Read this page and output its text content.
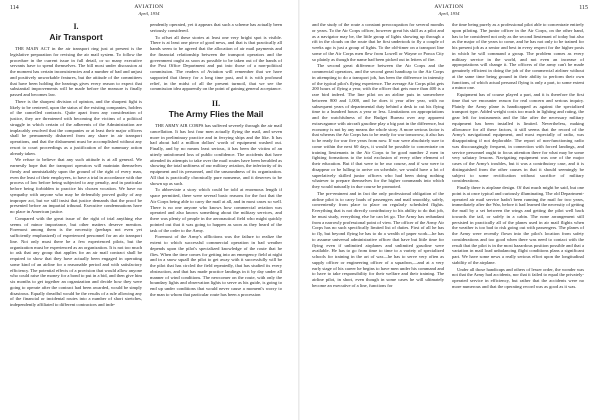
114	AVIATION
April, 1934
I.
Air Transport

THE MAIN ACT in the air transport ring just at present is the legislative preparation for revising the air mail system. To follow the procedure in the current issue in full detail, or so many executive servants have to spend themselves. The bill most under discussion at the moment has certain inconsistencies and a number of bad and unjust and positively unworkable features, but the attitude of the committees that have been holding the hearings gives every reason to expect that substantial improvements will be made before the measure is finally passed and becomes law.

There is the sharpest division of opinion, and the sharpest fight is likely to be centered, upon the status of the existing companies, holders of the cancelled contracts. Quite apart from any consideration of justice, they are threatened with becoming the victims of a political struggle in which certain of the adherents of the Administration are implacably resolved that the companies or at least their major officers shall be permanently disbarred from any share in air transport operations, and that the disbarment must be accomplished without any resort to court proceedings as a justification of the summary action already taken.

We refuse to believe that any such attitude is at all general. We earnestly hope that the transport operators will maintain themselves firmly and unmistakably upon the ground of the right of every man, even the least of their employees, to have a trial in accordance with due process of law before being subjected to any penalty, and in particular before being forbidden to practice his chosen vocation. We have no sympathy with anyone who may be defensibly proved guilty of any improper act, but we still insist that justice demands that the proof be presented before an impartial tribunal. Executive condemnations have no place in American justice.

Compared with the great issue of the right of trial anything else seems of minor importance, but other matters deserve mention. Foremost among them is the necessity (perhaps not even yet sufficiently emphasized) of experienced personnel for an air transport line. Not only must there be a few experienced pilots, but the organization must be experienced as an organization. It is not too much to ask that any group that applies for an air mail contract shall be required to show that they have actually been engaged in operating some kind of an airline for a reasonable period and with satisfactory efficiency. The potential effects of a provision that would allow anyone who could raise the money for a bond to put in a bid, and then give him six months to get together an organization and decide how they were going to operate after the contract had been awarded, would be simply disastrous. Equally dreadful would be the results of a rule allowing any of the financial or incidental routes into a number of short stretches, independently affiliated to different contractors and inde-

pendently operated, yet it appears that such a scheme has actually been seriously considered.

To offset all these stories at least one very bright spot is visible. There is at least one piece of good news, and that is that practically all hands seem to be agreed that the allocation of air mail payments and the financial relationship between the transport operators and the government ought as soon as possible to be taken out of the hands of the Post Office Department and put into those of a non-political commission. The readers of Aviation will remember that we have supported that theory for a long time past, and it is with profound relief, in the midst of all the present turmoil, that we see the commission idea apparently on the point of gaining general acceptance.

II.
The Army Flies the Mail

THE ARMY AIR CORPS has suffered severely through the air mail cancellation. It has lost four men actually flying the mail, and seven more in preliminary practice and in ferrying ships and the like. It has had about half a million dollars' worth of equipment washed out. Finally, and by no means least serious, it has been the victim of an utterly uninformed loss of public confidence. The accidents that have attended its attempts to take over the mail routes have been heralded as showing the total unfitness of our military aviation, the inferiority of its equipment and its personnel, and the unsoundness of its organization. All that is practically chronically pure nonsense, and it deserves to be shown up as such.

To abbreviate a story which could be told at enormous length if space permitted, there were several basic reasons for the fact that the Air Corps being able to carry the mail at all, and in most cases so well. There is no one anyone who knows how commercial aviation was operated and also knows something about the military services, and there was plenty of people in the aeronautical field who might quickly pointed out that it was going to happen as soon as they heard of the task of the order to the Army.

Foremost of the Army's afflictions was the failure to realize the extent to which successful commercial operation in bad weather depends upon the pilot's specialized knowledge of the route that he flies. When the time comes for getting into an emergency field at night and in a snow squall the pilot to get away with it successfully will be the pilot that has circled the field repeatedly, that has studied its every obstruction, and that has made practice landings in it by day under all manner of wind conditions. The newcomer on the route, with only the boundary lights and observation lights to serve as his guide, is going to end up under conditions that would never cause a moment's worry to the man to whom that particular route has been a procession

115
AVIATION
April, 1934

and the study of the route a constant preoccupation for several months or years. To the Air Corps officer, however great his skill as a pilot and as a navigator may be, the little group of lights showing up through a rift in the clouds on the route that he first undertook to fly a couple of weeks ago is just a group of lights. To the old-timer on a transport line some of the Air Corps men flew from Lowell or Wayne or Ponca City so plainly as though the name had been picked out in letters of fire.

The second great difference between the Air Corps and the commercial operators, and the second great handicap to the Air Corps in attempting to do a transport job, has been the difference in intensity of the typical pilot's flying experience. The average Air Corps pilot gets 200 hours of flying a year, with the officer that gets more than 400 is a rare bird indeed. The line pilot on an airline puts in somewhere between 800 and 1,000, and he does it year after year, with no subsequent years of departmental duty behind a desk to cut his flying time to a hundred hours a year or less. Limitations on appropriations and the watchfulness of the Budget Bureau over any apparent extravagance with aircraft gasoline play a big part in the difference, but economy is not by any means the whole story. A more serious factor is that whereas the Air Corps has to be ready for war tomorrow, it also has to be ready for war five years from now. If war were absolutely sure to come within the next 60 days, it would be possible to concentrate on training lieutenants in the Air Corps to be good number 2 men in fighting formations to the total exclusion of every other element of their education. But if that were to be our course, and if war were to disappear or be lulling to arrive on schedule, we would have a lot of superlatively skilled junior officers who had been doing nothing whatever to prepare themselves for the higher commands into which they would naturally in due course be promoted.

The pre-eminent and in fact the only professional obligation of the airline pilot is to carry loads of passengers and mail smoothly, safely, conveniently from place to place on regularly scheduled flights. Everything that is not directly contributory to his ability to do that job, he must study, everything else he can let go. The Army has redundant from a narrowly professional point of view. The officer of the Army Air Corps has no such specifically limited list of duties. First of all he has to fly, but beyond flying he has to do a wealth of paper work—he has to assume universal administrative officer that have but little time for flying even if unlimited airplanes and unlimited gasoline were available. He has to go from time to time to a variety of specialized schools for training in the art of war—he has to serve very often as supply officer or engineering officer of a squadron,—and at a very early stage of his career he begins to have men under his command and to have to take responsibility for their welfare and their training. The airline pilot, in short, even though in some cases he will ultimately become an executive of a line, functions for

the time being purely as a professional pilot able to concentrate entirely upon piloting. The junior officer in the Air Corps, on the other hand, has to be considered not only as the second lieutenant of today but also as the major of the years to come, and he has not only to be trained for his present job as a senior and best in every respect for the higher posts in which he will command a group. The problem comes as every military service in the world, and not even an increase of appropriations will change it. The officers of the army can't be made genuinely efficient in doing the job of the commercial airliner without at the same time being ground in their ability to perform their own functions, of which actual personal flying is only a part, to some extent a minor one.

Equipment has of course played a part, and it is therefore the first time that we encounter reason for real concern and serious inquiry. Plainly the Army plane is handicapped as against the specialized transport type. Added weight costs too much in lighting and rating, the gear left for instruments and the like after the necessary military equipment has been installed is limited. Nevertheless, making allowance for all these factors, it still seems that the record of the Army's navigational equipment, and most especially of radio, was disappointing if not deplorable. The report of non-functioning radio was discouragingly frequent, in connection with forced landings, and service personnel ought to focus attention there for what may be some very salutary lessons. Navigating equipment was one of the major cases of the Army's troubles, but it was a contributory case, and it is distinguished from the other causes in that it should seemingly be subject to some rectification without sacrifice of military considerations.

Finally there is airplane design. Of that much might be said, but one point is at once typical and curiously illuminating. The old Department-operated air mail service hadn't been running the mail for two years, immediately after the War, before it had learned the necessity of getting the mail by a set between the wings and getting the pilot well back towards the tail, or safely in a cabin. The none arrangement still persisted in practically all of the planes used in air mail flights when the weather is too bad to risk going out with passengers. The planes of the Army were recently flown into the pilot's location from safety considerations and too good when there was need to contact with the result that the pilot is in the most hazardous position possible and that a variation in mail load unbalancing flight conditions plans a significant part. We have some news a really serious effort upon the longitudinal stability of the airplane.

Under all those handicaps and others of lesser order, the wonder was not that the Army had accidents, nor that it failed to equal the privately-operated service in efficiency, but rather that the accidents were no more numerous and that the operating record was as good as it was.
